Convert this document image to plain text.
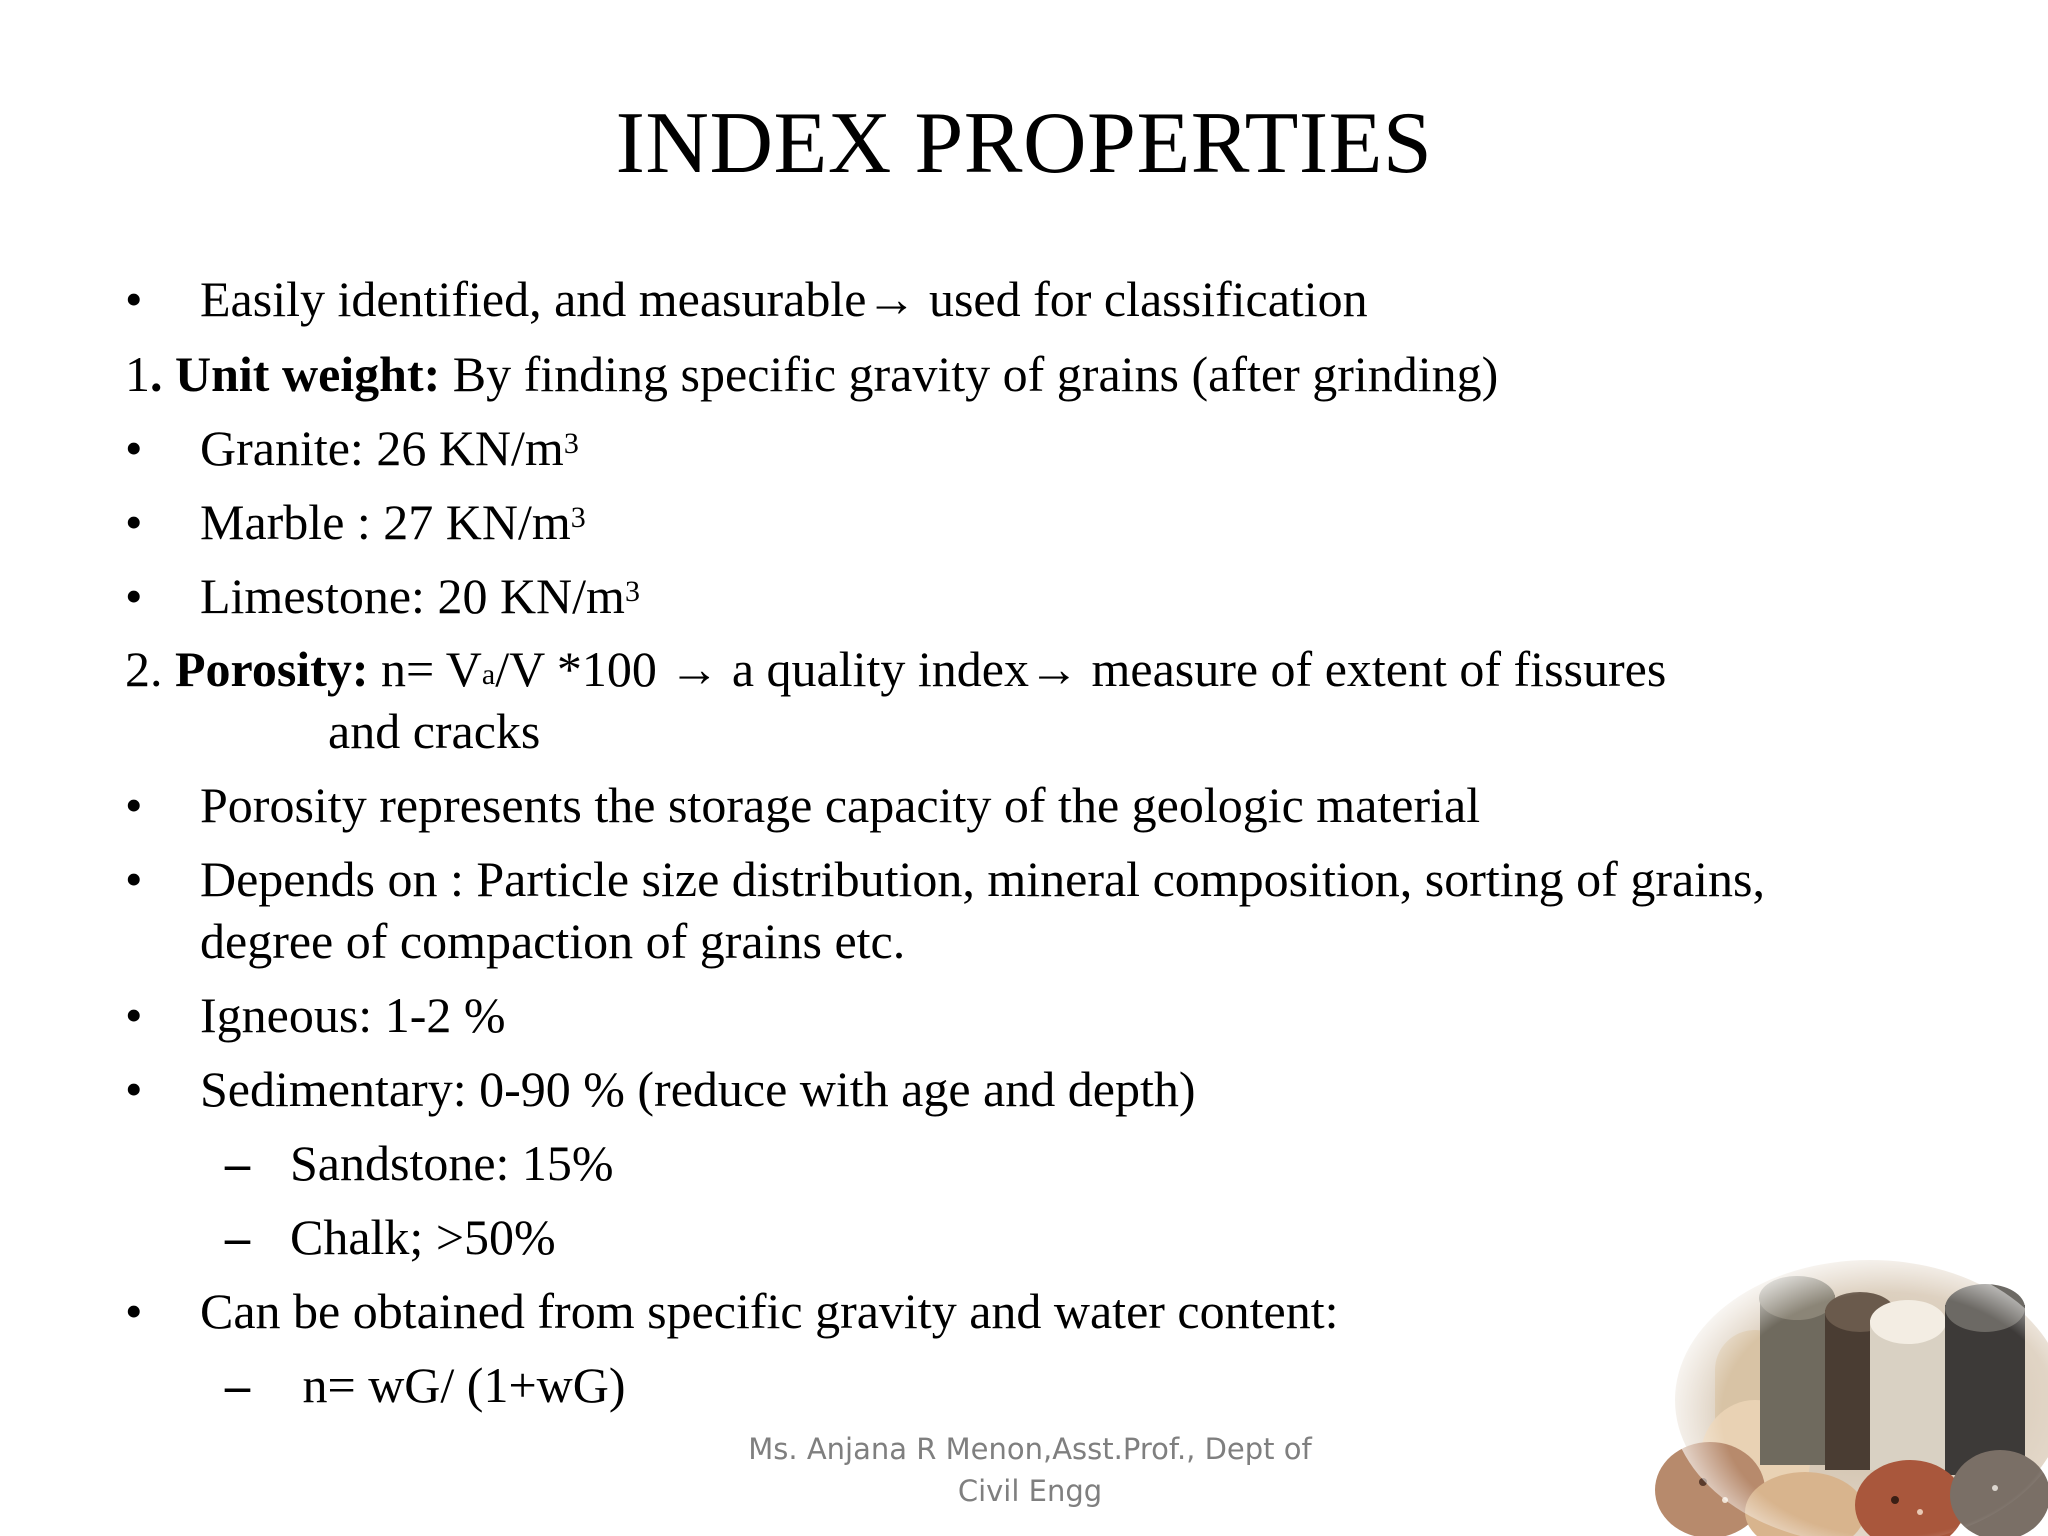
INDEX PROPERTIES
• Easily identified, and measurable→ used for classification
1. Unit weight: By finding specific gravity of grains (after grinding)
• Granite: 26 $KN/m^3$
• Marble : 27 $KN/m^3$
• Limestone: 20 $KN/m^3$
2. Porosity: $n= V_a/V$ *100 → a quality index→ measure of extent of fissures
and cracks
• Porosity represents the storage capacity of the geologic material
• Depends on : Particle size distribution, mineral composition, sorting of grains,
degree of compaction of grains etc.
• Igneous: 1-2 %
• Sedimentary: 0-90 % (reduce with age and depth)
– Sandstone: 15%
– Chalk; >50%
• Can be obtained from specific gravity and water content:
– n= wG/ (1+wG)
Ms. Anjana R Menon,Asst.Prof., Dept of
Civil Engg
